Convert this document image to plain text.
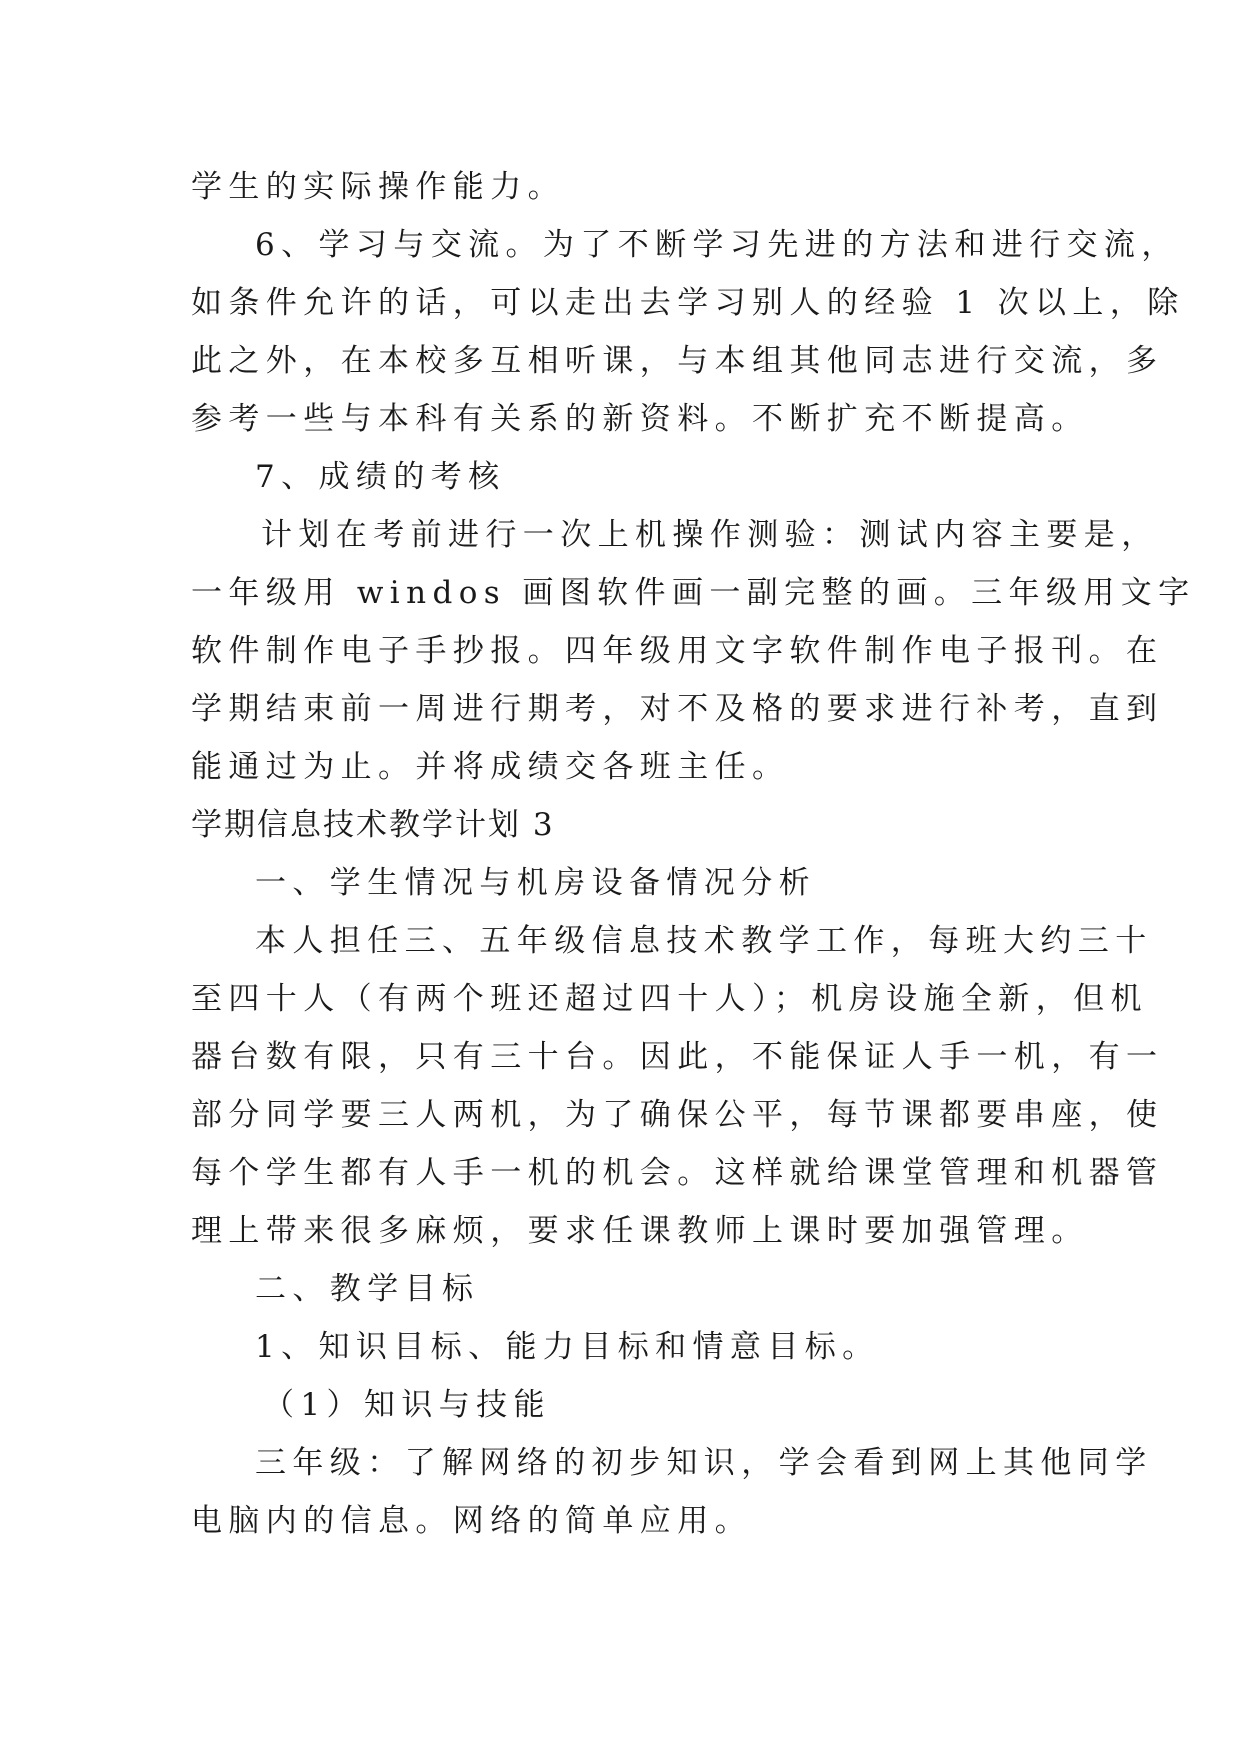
学生的实际操作能力。

6、学习与交流。为了不断学习先进的方法和进行交流，

如条件允许的话，可以走出去学习别人的经验 1 次以上，除

此之外，在本校多互相听课，与本组其他同志进行交流，多

参考一些与本科有关系的新资料。不断扩充不断提高。

7、成绩的考核

计划在考前进行一次上机操作测验：测试内容主要是，

一年级用 windos 画图软件画一副完整的画。三年级用文字

软件制作电子手抄报。四年级用文字软件制作电子报刊。在

学期结束前一周进行期考，对不及格的要求进行补考，直到

能通过为止。并将成绩交各班主任。

学期信息技术教学计划 3

一、学生情况与机房设备情况分析

本人担任三、五年级信息技术教学工作，每班大约三十

至四十人（有两个班还超过四十人）；机房设施全新，但机

器台数有限，只有三十台。因此，不能保证人手一机，有一

部分同学要三人两机，为了确保公平，每节课都要串座，使

每个学生都有人手一机的机会。这样就给课堂管理和机器管

理上带来很多麻烦，要求任课教师上课时要加强管理。

二、教学目标

1、知识目标、能力目标和情意目标。

（1）知识与技能

三年级：了解网络的初步知识，学会看到网上其他同学

电脑内的信息。网络的简单应用。
